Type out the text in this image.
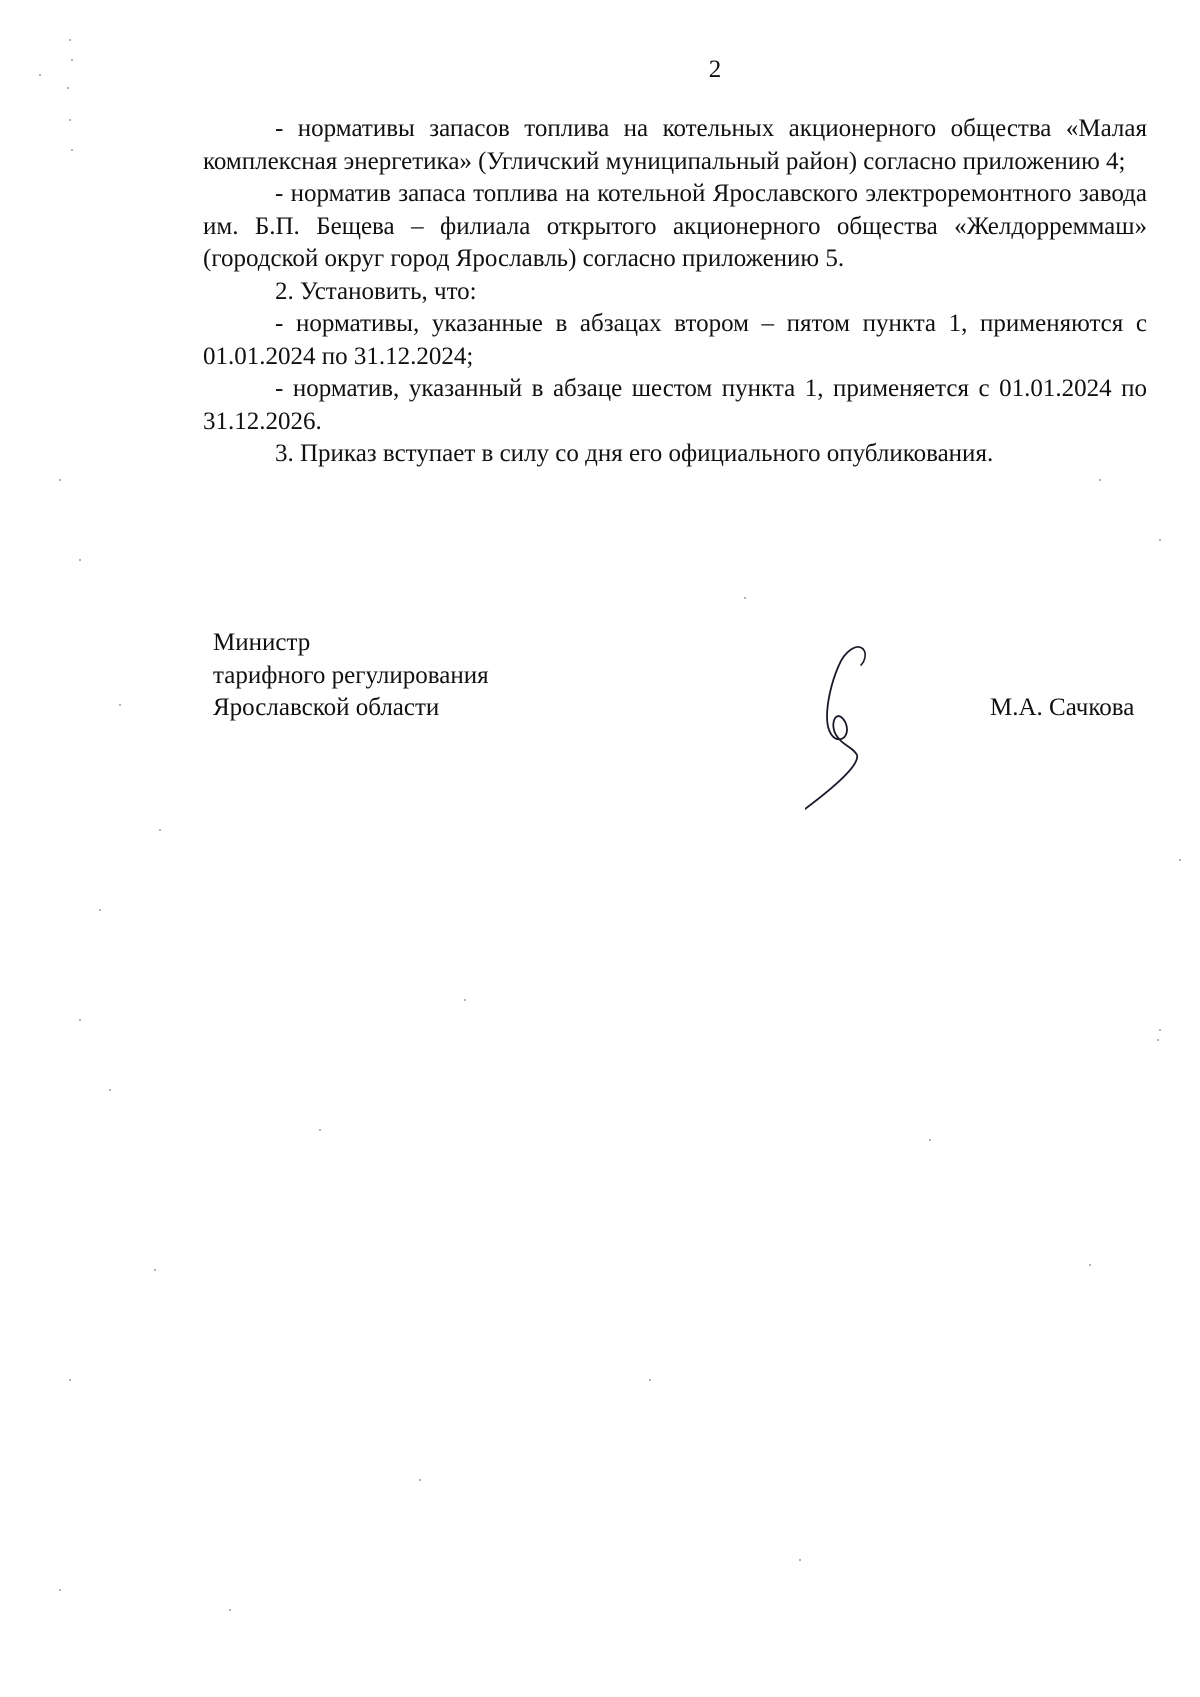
2

- нормативы запасов топлива на котельных акционерного общества «Малая комплексная энергетика» (Угличский муниципальный район) согласно приложению 4;

- норматив запаса топлива на котельной Ярославского электроремонтного завода им. Б.П. Бещева – филиала открытого акционерного общества «Желдорреммаш» (городской округ город Ярославль) согласно приложению 5.

2. Установить, что:

- нормативы, указанные в абзацах втором – пятом пункта 1, применяются с 01.01.2024 по 31.12.2024;

- норматив, указанный в абзаце шестом пункта 1, применяется с 01.01.2024 по 31.12.2026.

3. Приказ вступает в силу со дня его официального опубликования.

Министр
тарифного регулирования
Ярославской области	М.А. Сачкова
